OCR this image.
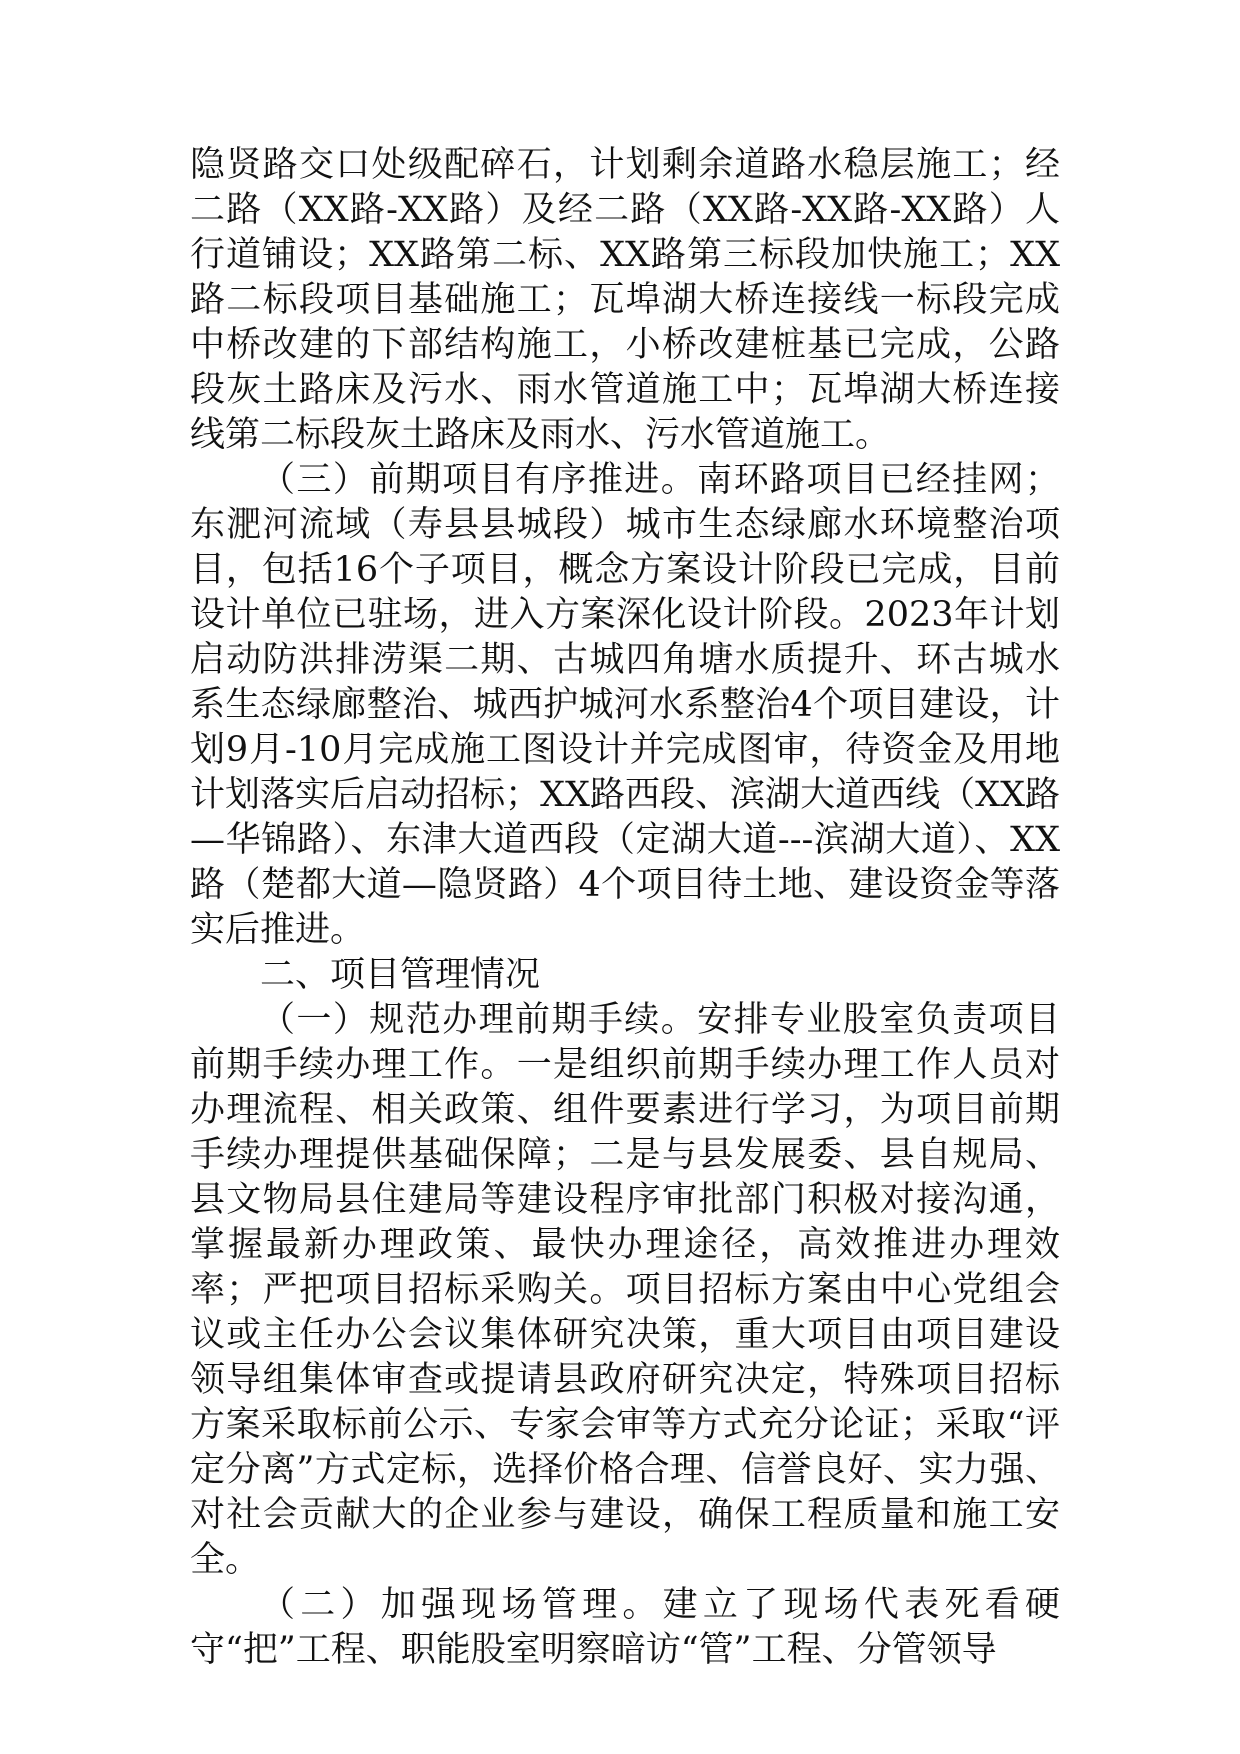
隐贤路交口处级配碎石，计划剩余道路水稳层施工；经二路（XX路-XX路）及经二路（XX路-XX路-XX路）人行道铺设；XX路第二标、XX路第三标段加快施工；XX路二标段项目基础施工；瓦埠湖大桥连接线一标段完成中桥改建的下部结构施工，小桥改建桩基已完成，公路段灰土路床及污水、雨水管道施工中；瓦埠湖大桥连接线第二标段灰土路床及雨水、污水管道施工。

（三）前期项目有序推进。南环路项目已经挂网；东淝河流域（寿县县城段）城市生态绿廊水环境整治项目，包括16个子项目，概念方案设计阶段已完成，目前设计单位已驻场，进入方案深化设计阶段。2023年计划启动防洪排涝渠二期、古城四角塘水质提升、环古城水系生态绿廊整治、城西护城河水系整治4个项目建设，计划9月-10月完成施工图设计并完成图审，待资金及用地计划落实后启动招标；XX路西段、滨湖大道西线（XX路—华锦路）、东津大道西段（定湖大道---滨湖大道）、XX路（楚都大道—隐贤路）4个项目待土地、建设资金等落实后推进。

二、项目管理情况

（一）规范办理前期手续。安排专业股室负责项目前期手续办理工作。一是组织前期手续办理工作人员对办理流程、相关政策、组件要素进行学习，为项目前期手续办理提供基础保障；二是与县发展委、县自规局、县文物局县住建局等建设程序审批部门积极对接沟通，掌握最新办理政策、最快办理途径，高效推进办理效率；严把项目招标采购关。项目招标方案由中心党组会议或主任办公会议集体研究决策，重大项目由项目建设领导组集体审查或提请县政府研究决定，特殊项目招标方案采取标前公示、专家会审等方式充分论证；采取“评定分离”方式定标，选择价格合理、信誉良好、实力强、对社会贡献大的企业参与建设，确保工程质量和施工安全。

（二）加强现场管理。建立了现场代表死看硬守“把”工程、职能股室明察暗访“管”工程、分管领导
